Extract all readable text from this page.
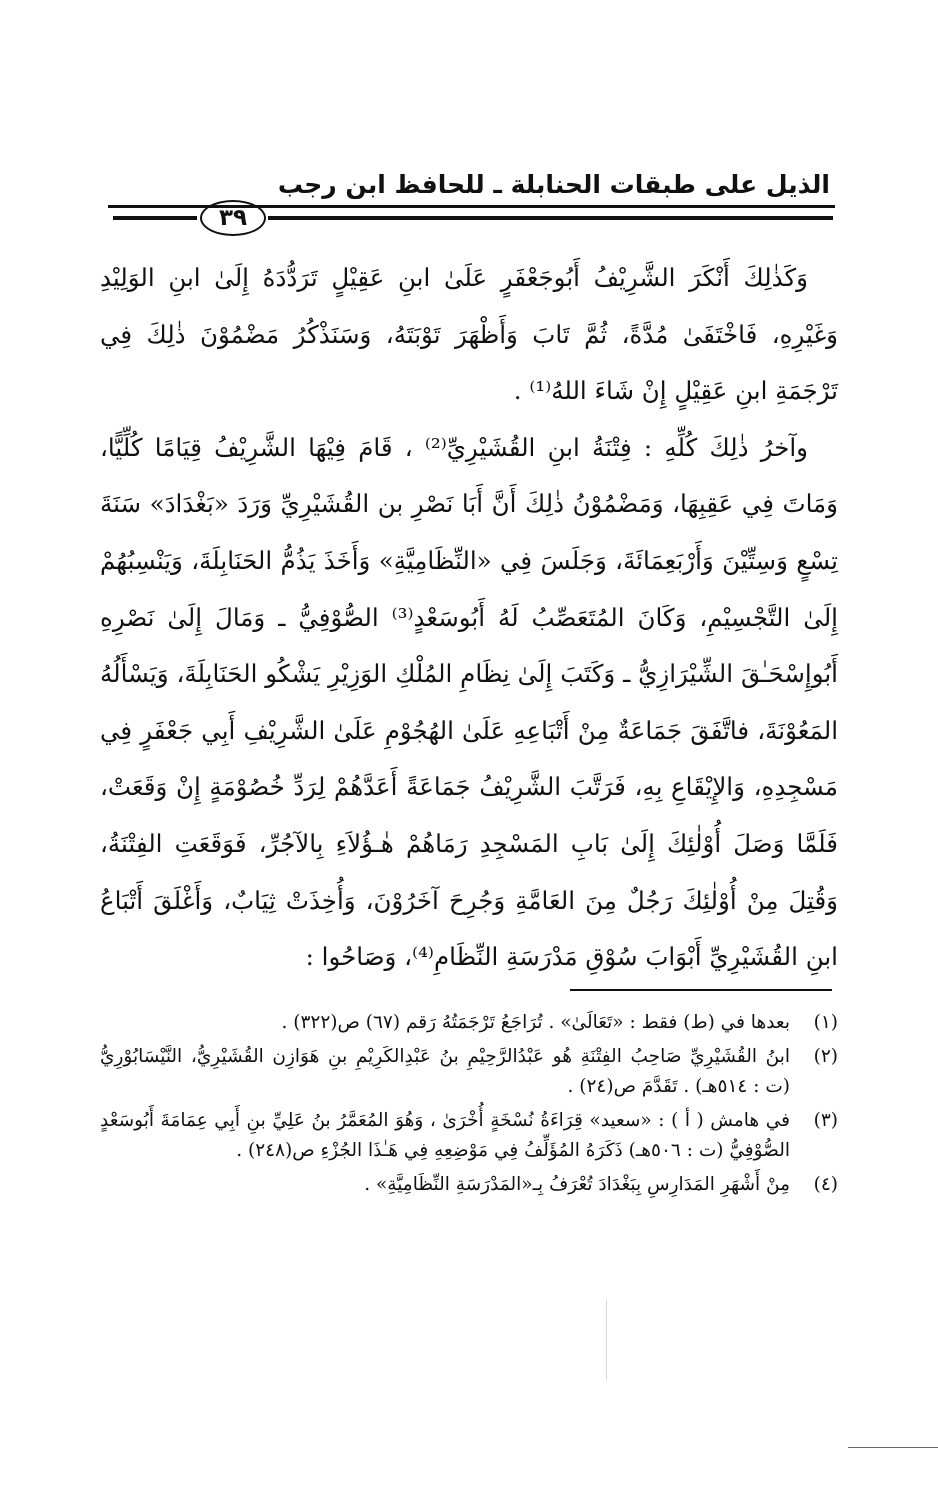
الذيل على طبقات الحنابلة ـ للحافظ ابن رجب
٣٩

وَكَذٰلِكَ أَنْكَرَ الشَّرِيْفُ أَبُوجَعْفَرٍ عَلَىٰ ابنِ عَقِيْلٍ تَرَدُّدَهُ إِلَىٰ ابنِ الوَلِيْدِ وَغَيْرِهِ، فَاخْتَفَىٰ مُدَّةً، ثُمَّ تَابَ وَأَظْهَرَ تَوْبَتَهُ، وَسَنَذْكُرُ مَضْمُوْنَ ذٰلِكَ فِي تَرْجَمَةِ ابنِ عَقِيْلٍ إِنْ شَاءَ اللهُ⁽¹⁾ .

وآخرُ ذٰلِكَ كُلِّهِ : فِتْنَةُ ابنِ القُشَيْرِيِّ⁽²⁾ ، قَامَ فِيْهَا الشَّرِيْفُ قِيَامًا كُلِّيًّا، وَمَاتَ فِي عَقِبِهَا، وَمَضْمُوْنُ ذٰلِكَ أَنَّ أَبَا نَصْرِ بن القُشَيْرِيِّ وَرَدَ «بَغْدَادَ» سَنَةَ تِسْعٍ وَسِتِّيْنَ وَأَرْبَعِمَائَةَ، وَجَلَسَ فِي «النِّظَامِيَّةِ» وَأَخَذَ يَذُمُّ الحَنَابِلَةَ، وَيَنْسِبُهُمْ إِلَىٰ التَّجْسِيْمِ، وَكَانَ المُتَعَصِّبُ لَهُ أَبُوسَعْدٍ⁽³⁾ الصُّوْفِيُّ ـ وَمَالَ إِلَىٰ نَصْرِهِ أَبُوإِسْحَـٰقَ الشِّيْرَازِيُّ ـ وَكَتَبَ إِلَىٰ نِظَامِ المُلْكِ الوَزِيْرِ يَشْكُو الحَنَابِلَةَ، وَيَسْأَلُهُ المَعُوْنَةَ، فاتَّفَقَ جَمَاعَةٌ مِنْ أَتْبَاعِهِ عَلَىٰ الهُجُوْمِ عَلَىٰ الشَّرِيْفِ أَبِي جَعْفَرٍ فِي مَسْجِدِهِ، وَالإِيْقَاعِ بِهِ، فَرَتَّبَ الشَّرِيْفُ جَمَاعَةً أَعَدَّهُمْ لِرَدِّ خُصُوْمَةٍ إِنْ وَقَعَتْ، فَلَمَّا وَصَلَ أُوْلٰئِكَ إِلَىٰ بَابِ المَسْجِدِ رَمَاهُمْ هٰـؤُلاَءِ بِالآجُرِّ، فَوَقَعَتِ الفِتْنَةُ، وَقُتِلَ مِنْ أُوْلٰئِكَ رَجُلٌ مِنَ العَامَّةِ وَجُرِحَ آخَرُوْنَ، وَأُخِذَتْ ثِيَابٌ، وَأَغْلَقَ أَتْبَاعُ ابنِ القُشَيْرِيِّ أَبْوَابَ سُوْقِ مَدْرَسَةِ النِّظَامِ⁽⁴⁾، وَصَاحُوا :

(١)
بعدها في (ط) فقط : «تَعَالَىٰ» . تُرَاجَعُ تَرْجَمَتُهُ رَقم (٦٧) ص(٣٢٢) .
(٢)
ابنُ القُشَيْرِيِّ صَاحِبُ الفِتْنَةِ هُو عَبْدُالرَّحِيْمِ بنُ عَبْدِالكَرِيْمِ بنِ هَوَازِن القُشَيْرِيُّ، النَّيْسَابُوْرِيُّ (ت : ٥١٤هـ) . تَقَدَّمَ ص(٢٤) .
(٣)
في هامش ( أ ) : «سعيد» قِرَاءَةُ نُسْخَةٍ أُخْرَىٰ ، وَهُوَ المُعَمَّرُ بنُ عَلِيِّ بنِ أَبِي عِمَامَةَ أَبُوسَعْدٍ الصُّوْفِيُّ (ت : ٥٠٦هـ) ذَكَرَهُ المُؤَلِّفُ فِي مَوْضِعِهِ فِي هَـٰذَا الجُزْءِ ص(٢٤٨) .
(٤)
مِنْ أَشْهَرِ المَدَارِسِ بِبَغْدَادَ تُعْرَفُ بِـ«المَدْرَسَةِ النِّظَامِيَّةِ» .
